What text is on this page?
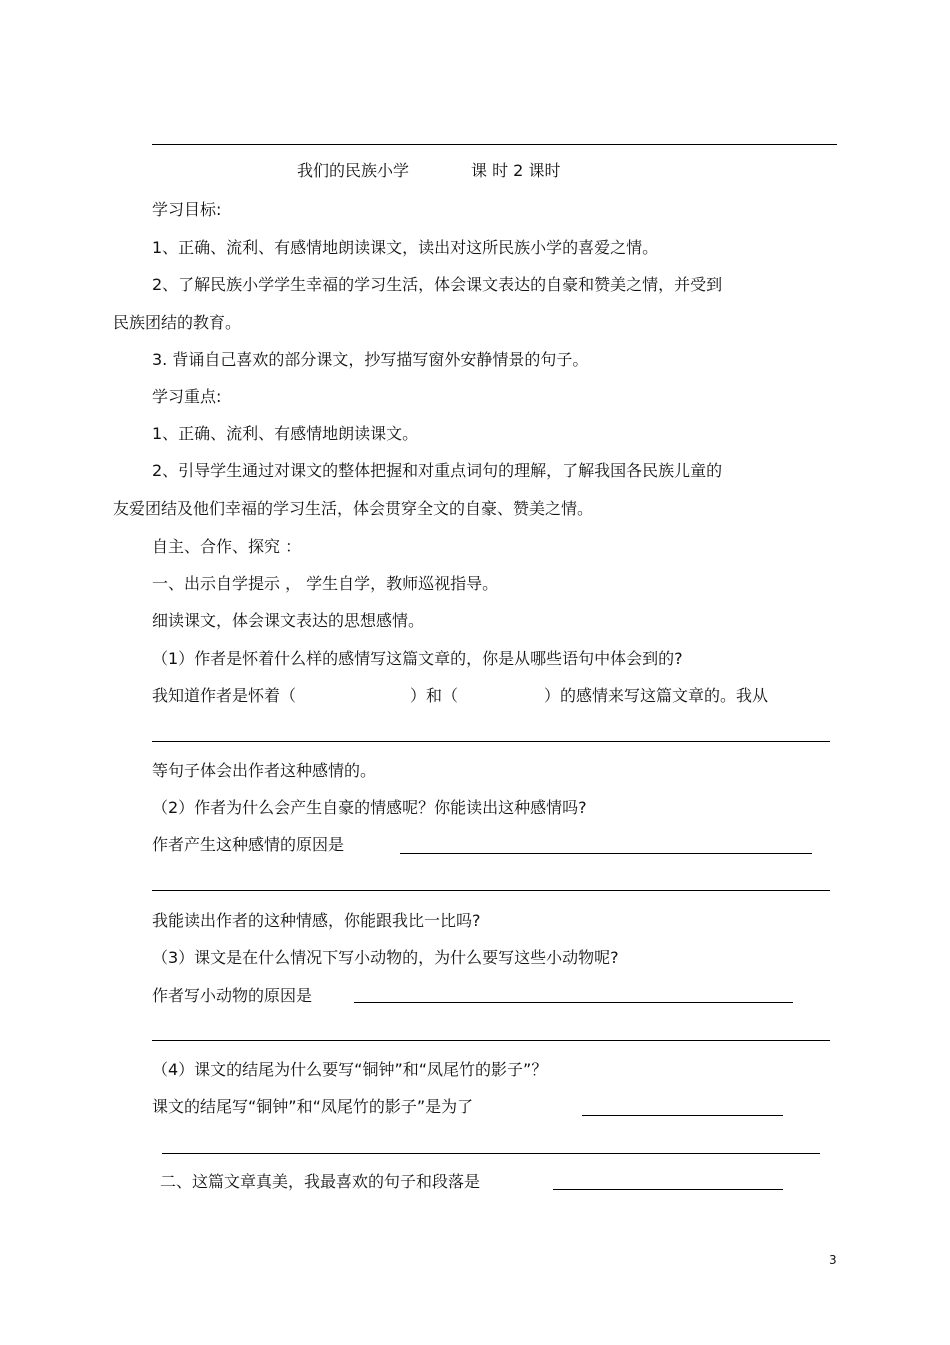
我们的民族小学	课 时 2 课时
学习目标:
1、正确、流利、有感情地朗读课文，读出对这所民族小学的喜爱之情。
2、了解民族小学学生幸福的学习生活，体会课文表达的自豪和赞美之情，并受到
民族团结的教育。
3. 背诵自己喜欢的部分课文，抄写描写窗外安静情景的句子。
学习重点:
1、正确、流利、有感情地朗读课文。
2、引导学生通过对课文的整体把握和对重点词句的理解，了解我国各民族儿童的
友爱团结及他们幸福的学习生活，体会贯穿全文的自豪、赞美之情。
自主、合作、探究 ：
一、出示自学提示 ， 学生自学，教师巡视指导。
细读课文，体会课文表达的思想感情。
（1）作者是怀着什么样的感情写这篇文章的，你是从哪些语句中体会到的?
我知道作者是怀着（	）和（	）的感情来写这篇文章的。我从
等句子体会出作者这种感情的。
（2）作者为什么会产生自豪的情感呢？你能读出这种感情吗?
作者产生这种感情的原因是
我能读出作者的这种情感，你能跟我比一比吗?
（3）课文是在什么情况下写小动物的，为什么要写这些小动物呢?
作者写小动物的原因是
（4）课文的结尾为什么要写“铜钟”和“凤尾竹的影子”？
课文的结尾写“铜钟”和“凤尾竹的影子”是为了
二、这篇文章真美，我最喜欢的句子和段落是
3
